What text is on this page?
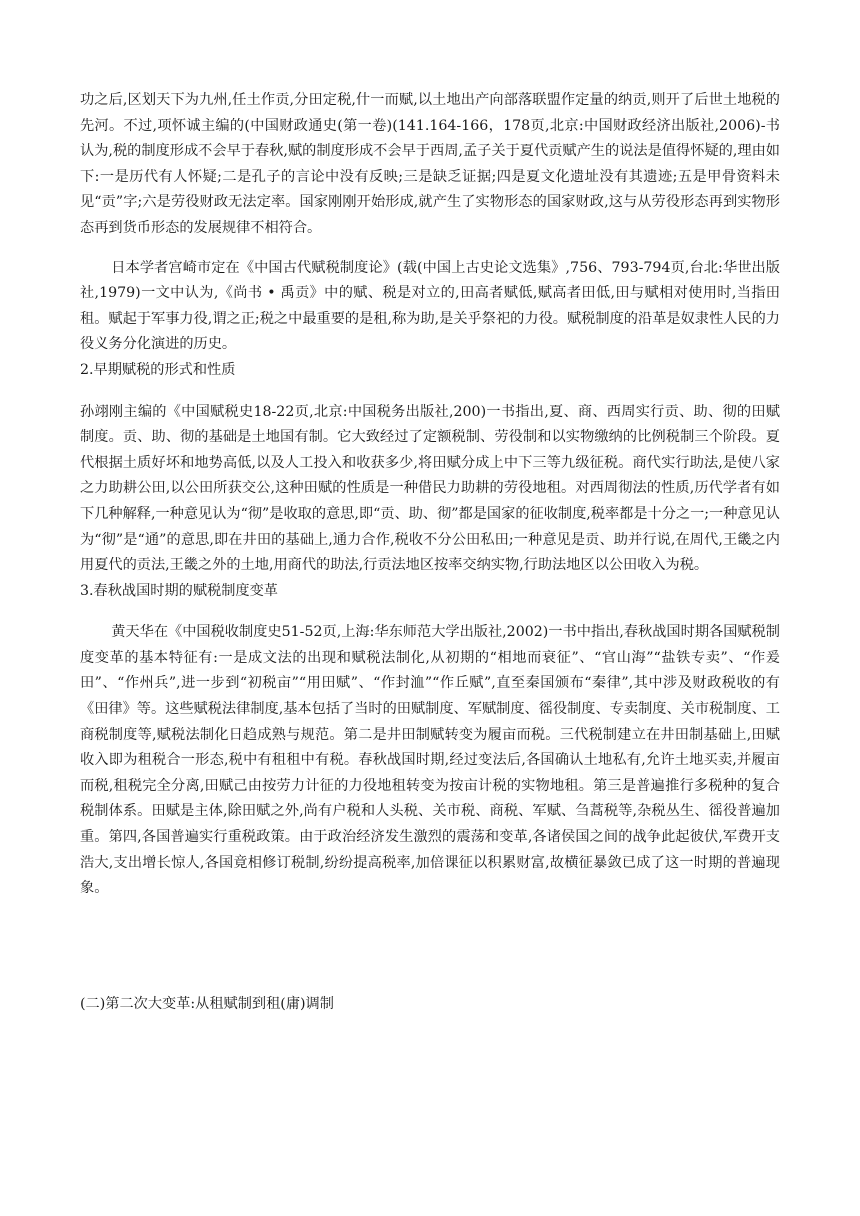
功之后,区划天下为九州,任土作贡,分田定税,什一而赋,以土地出产向部落联盟作定量的纳贡,则开了后世土地税的先河。不过,项怀诚主编的(中国财政通史(第一卷)(141.164-166，178页,北京:中国财政经济出版社,2006)-书认为,税的制度形成不会早于春秋,赋的制度形成不会早于西周,孟子关于夏代贡赋产生的说法是值得怀疑的,理由如下:一是历代有人怀疑;二是孔子的言论中没有反映;三是缺乏证据;四是夏文化遗址没有其遗迹;五是甲骨资料未见“贡”字;六是劳役财政无法定率。国家刚刚开始形成,就产生了实物形态的国家财政,这与从劳役形态再到实物形态再到货币形态的发展规律不相符合。

日本学者宫崎市定在《中国古代赋税制度论》(载(中国上古史论文选集》,756、793-794页,台北:华世出版社,1979)一文中认为,《尚书 • 禹贡》中的赋、税是对立的,田高者赋低,赋高者田低,田与赋相对使用时,当指田租。赋起于军事力役,谓之正;税之中最重要的是租,称为助,是关乎祭祀的力役。赋税制度的沿革是奴隶性人民的力役义务分化演进的历史。

2.早期赋税的形式和性质

孙翊刚主编的《中国赋税史18-22页,北京:中国税务出版社,200)一书指出,夏、商、西周实行贡、助、彻的田赋制度。贡、助、彻的基础是土地国有制。它大致经过了定额税制、劳役制和以实物缴纳的比例税制三个阶段。夏代根据土质好坏和地势高低,以及人工投入和收获多少,将田赋分成上中下三等九级征税。商代实行助法,是使八家之力助耕公田,以公田所获交公,这种田赋的性质是一种借民力助耕的劳役地租。对西周彻法的性质,历代学者有如下几种解释,一种意见认为“彻”是收取的意思,即“贡、助、彻”都是国家的征收制度,税率都是十分之一;一种意见认为“彻”是“通”的意思,即在井田的基础上,通力合作,税收不分公田私田;一种意见是贡、助并行说,在周代,王畿之内用夏代的贡法,王畿之外的土地,用商代的助法,行贡法地区按率交纳实物,行助法地区以公田收入为税。

3.春秋战国时期的赋税制度变革

黄天华在《中国税收制度史51-52页,上海:华东师范大学出版社,2002)一书中指出,春秋战国时期各国赋税制度变革的基本特征有:一是成文法的出现和赋税法制化,从初期的“相地而衰征”、“官山海”“盐铁专卖”、“作爰田”、“作州兵”,进一步到“初税亩”“用田赋”、“作封洫”“作丘赋”,直至秦国颁布“秦律”,其中涉及财政税收的有《田律》等。这些赋税法律制度,基本包括了当时的田赋制度、军赋制度、徭役制度、专卖制度、关市税制度、工商税制度等,赋税法制化日趋成熟与规范。第二是井田制赋转变为履亩而税。三代税制建立在井田制基础上,田赋收入即为租税合一形态,税中有租租中有税。春秋战国时期,经过变法后,各国确认土地私有,允许土地买卖,并履亩而税,租税完全分离,田赋己由按劳力计征的力役地租转变为按亩计税的实物地租。第三是普遍推行多税种的复合税制体系。田赋是主体,除田赋之外,尚有户税和人头税、关市税、商税、军赋、刍蒿税等,杂税丛生、徭役普遍加重。第四,各国普遍实行重税政策。由于政治经济发生激烈的震荡和变革,各诸侯国之间的战争此起彼伏,军费开支浩大,支出增长惊人,各国竟相修订税制,纷纷提高税率,加倍课征以积累财富,故横征暴敛已成了这一时期的普遍现象。

(二)第二次大变革:从租赋制到租(庸)调制
